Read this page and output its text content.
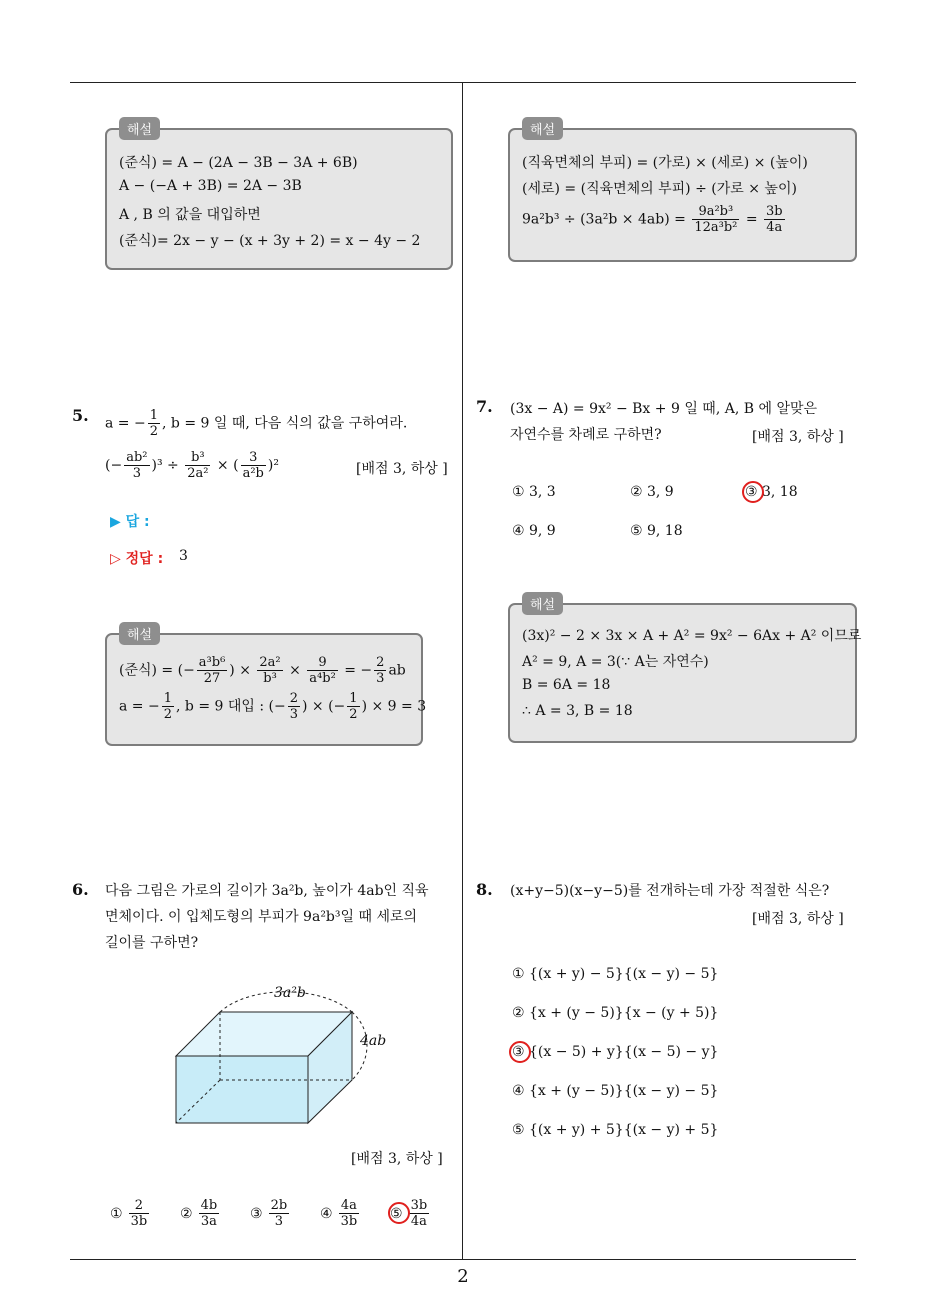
해설
(준식) = A − (2A − 3B − 3A + 6B)
A − (−A + 3B) = 2A − 3B
A , B 의 값을 대입하면
(준식)= 2x − y − (x + 3y + 2) = x − 4y − 2
해설
(직육면체의 부피) = (가로) × (세로) × (높이)
(세로) = (직육면체의 부피) ÷ (가로 × 높이)
$9a^2b^3 \div (3a^2b \times 4ab) = \frac{\text{9a²b³}}{\text{12a³b²}} = \frac{3b}{4a}$
5. a = − $\frac{1}{2}$ , b = 9 일 때, 다음 식의 값을 구하여라.
(− $\frac{\text{ab²}}{3} )^3 \div \frac{\text{b³}}{\text{2a²}}$ × ( $\frac{3}{\text{a²b}} )^2$	[배점 3, 하상 ]
▶ 답 :
▷ 정답 : 3
해설
(준식) = (− $\frac{\text{a³b⁶}}{27}$ ) × $\frac{\text{2a²}}{\text{b³}} \times \frac{9}{\text{a⁴b²}}$ = − $\frac{2}{3}$ ab
a = − $\frac{1}{2}$ , b = 9 대입 : (− $\frac{2}{3}$ ) × (− $\frac{1}{2}$ ) × 9 = 3
6. 다음 그림은 가로의 길이가 3a²b, 높이가 4ab인 직육
면체이다. 이 입체도형의 부피가 9a²b³일 때 세로의
길이를 구하면?
3a²b
4ab
[배점 3, 하상 ]
① $\frac{2}{3b}$ ② $\frac{4b}{3a}$ ③ $\frac{2b}{3}$ ④ $\frac{4a}{3b}$ ⑤ $\frac{3b}{4a}$
7. (3x − A) = 9x² − Bx + 9 일 때, A, B 에 알맞은
자연수를 차례로 구하면?	[배점 3, 하상 ]
① 3, 3	② 3, 9	③ 3, 18
④ 9, 9	⑤ 9, 18
해설
(3x)² − 2 × 3x × A + A² = 9x² − 6Ax + A² 이므로
A² = 9, A = 3(∵ A는 자연수)
B = 6A = 18
∴ A = 3, B = 18
8. (x+y−5)(x−y−5)를 전개하는데 가장 적절한 식은?
[배점 3, 하상 ]
① {(x + y) − 5}{(x − y) − 5}
② {x + (y − 5)}{x − (y + 5)}
③ {(x − 5) + y}{(x − 5) − y}
④ {x + (y − 5)}{(x − y) − 5}
⑤ {(x + y) + 5}{(x − y) + 5}
2
